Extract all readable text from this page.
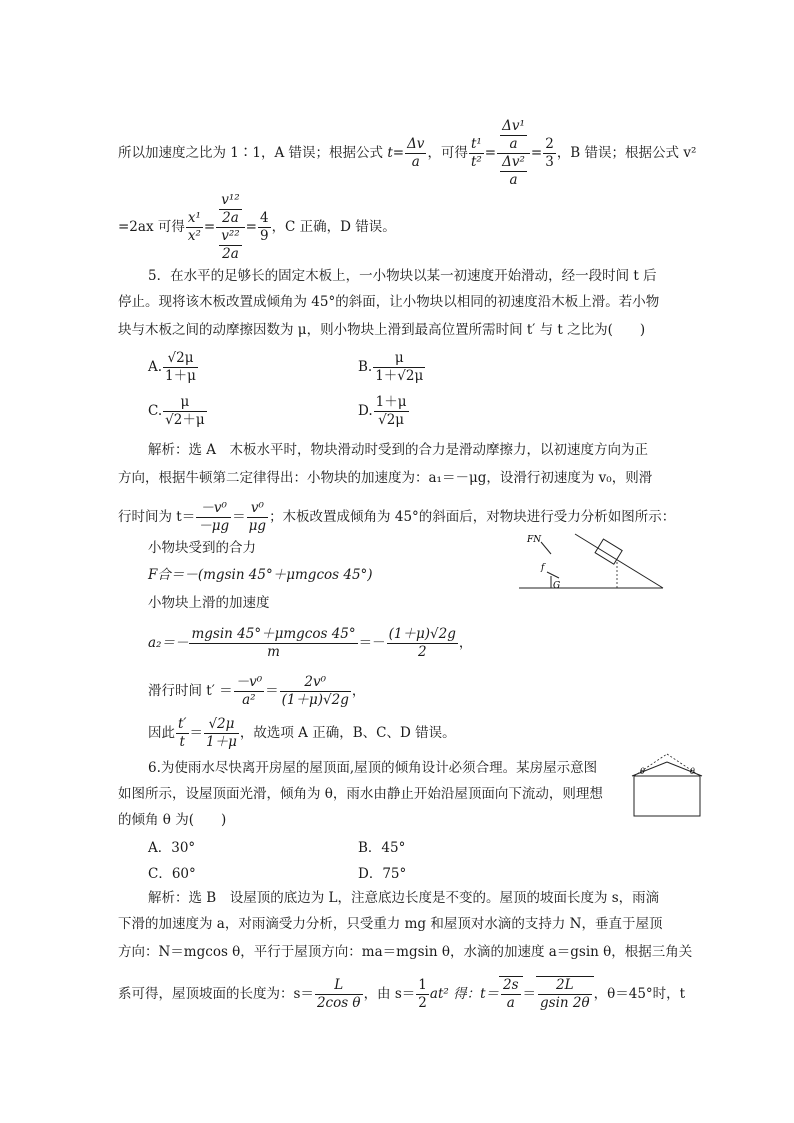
所以加速度之比为 1∶1，A 错误；根据公式 $t= \frac{\Delta v}{a}$ ，可得 $\frac{\text{t¹}}{\text{t²}} = \frac{\frac{\text{Δv¹}}{a}}{\frac{\text{Δv²}}{a}} = \frac{2}{3}$ ，B 错误；根据公式 v²
=2ax 可得 $\frac{\text{x¹}}{\text{x²}} = \frac{\frac{\text{v¹²}}{2a}}{\frac{\text{v²²}}{2a}} = \frac{4}{9}$ ，C 正确，D 错误。
5．在水平的足够长的固定木板上，一小物块以某一初速度开始滑动，经一段时间 t 后
停止。现将该木板改置成倾角为 45°的斜面，让小物块以相同的初速度沿木板上滑。若小物
块与木板之间的动摩擦因数为 μ，则小物块上滑到最高位置所需时间 t′ 与 t 之比为(　　)
A. $\frac{√2\mu}{1+\mu}$	B. $\frac{\mu}{1+√2\mu}$
C. $\frac{\mu}{√2+\mu}$	D. $\frac{1+\mu}{√2\mu}$
解析：选 A　木板水平时，物块滑动时受到的合力是滑动摩擦力，以初速度方向为正
方向，根据牛顿第二定律得出：小物块的加速度为：a₁＝－μg，设滑行初速度为 v₀，则滑
行时间为 $t= \frac{\text{－v⁰}}{-\mu g} = \frac{\text{v⁰}}{\mu g}$ ；木板改置成倾角为 45°的斜面后，对物块进行受力分析如图所示：
小物块受到的合力
F合＝－(mgsin 45°＋μmgcos 45°)
FN
f
G
小物块上滑的加速度
a₂＝－
mgsin 45°＋μmgcos 45°
m
＝－ $\frac{(1+\mu)√2g}{2}$ ，
滑行时间 $t' = \frac{\text{－v⁰}}{\text{a²}} = \frac{\text{2v⁰}}{(1+\mu)√2g}$ ，
因此 $\frac{t'}{t} = \frac{√2\mu}{1+\mu}$ ，故选项 A 正确，B、C、D 错误。
6.为使雨水尽快离开房屋的屋顶面,屋顶的倾角设计必须合理。某房屋示意图
如图所示，设屋顶面光滑，倾角为 θ，雨水由静止开始沿屋顶面向下流动，则理想
的倾角 θ 为(　　)
θ	θ
A．30°	B．45°
C．60°	D．75°
解析：选 B　设屋顶的底边为 L，注意底边长度是不变的。屋顶的坡面长度为 s，雨滴
下滑的加速度为 a，对雨滴受力分析，只受重力 mg 和屋顶对水滴的支持力 N，垂直于屋顶
方向：N＝mgcos θ，平行于屋顶方向：ma＝mgsin θ，水滴的加速度 a＝gsin θ，根据三角关
系可得，屋顶坡面的长度为：$s= \frac{L}{\text{2cos θ}}$ ，由 $s= \frac{1}{2} at^2$ 得：$t= \frac{2s}{a} = \frac{2L}{gsin 2\theta}$ ，θ＝45°时，t
